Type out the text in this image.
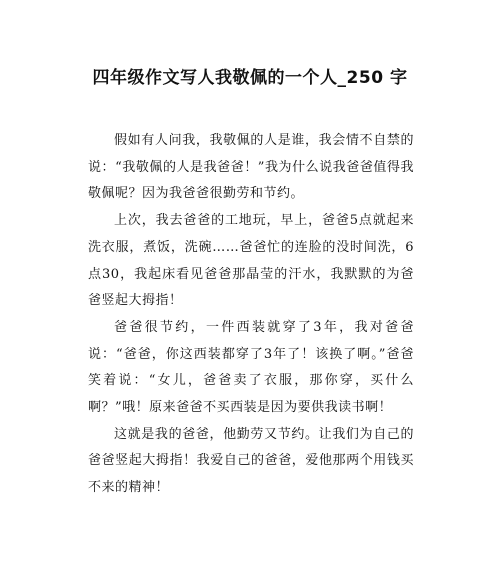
四年级作文写人我敬佩的一个人_250 字

假如有人问我，我敬佩的人是谁，我会情不自禁的说：“我敬佩的人是我爸爸！”我为什么说我爸爸值得我敬佩呢？因为我爸爸很勤劳和节约。

上次，我去爸爸的工地玩，早上，爸爸5点就起来洗衣服，煮饭，洗碗……爸爸忙的连脸的没时间洗，6点30，我起床看见爸爸那晶莹的汗水，我默默的为爸爸竖起大拇指！

爸爸很节约，一件西装就穿了3年，我对爸爸说：“爸爸，你这西装都穿了3年了！该换了啊。”爸爸笑着说：“女儿，爸爸卖了衣服，那你穿，买什么啊？”哦！原来爸爸不买西装是因为要供我读书啊！

这就是我的爸爸，他勤劳又节约。让我们为自己的爸爸竖起大拇指！我爱自己的爸爸，爱他那两个用钱买不来的精神！
